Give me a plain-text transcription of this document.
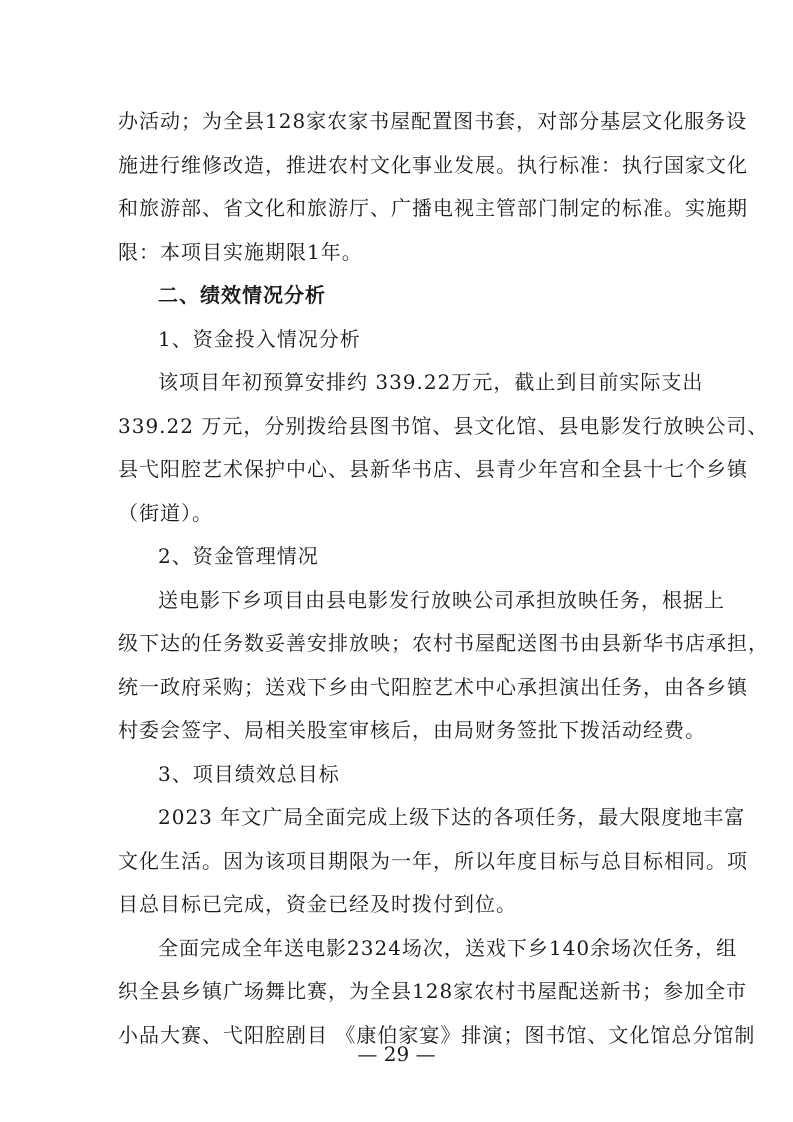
办活动；为全县128家农家书屋配置图书套，对部分基层文化服务设
施进行维修改造，推进农村文化事业发展。执行标准：执行国家文化
和旅游部、省文化和旅游厅、广播电视主管部门制定的标准。实施期
限：本项目实施期限1年。
二、绩效情况分析
1、资金投入情况分析
该项目年初预算安排约 339.22万元，截止到目前实际支出
339.22 万元，分别拨给县图书馆、县文化馆、县电影发行放映公司、
县弋阳腔艺术保护中心、县新华书店、县青少年宫和全县十七个乡镇
（街道）。
2、资金管理情况
送电影下乡项目由县电影发行放映公司承担放映任务，根据上
级下达的任务数妥善安排放映；农村书屋配送图书由县新华书店承担，
统一政府采购；送戏下乡由弋阳腔艺术中心承担演出任务，由各乡镇
村委会签字、局相关股室审核后，由局财务签批下拨活动经费。
3、项目绩效总目标
2023 年文广局全面完成上级下达的各项任务，最大限度地丰富
文化生活。因为该项目期限为一年，所以年度目标与总目标相同。项
目总目标已完成，资金已经及时拨付到位。
— 29 —
全面完成全年送电影2324场次，送戏下乡140余场次任务，组
织全县乡镇广场舞比赛，为全县128家农村书屋配送新书；参加全市
小品大赛、弋阳腔剧目 《康伯家宴》排演；图书馆、文化馆总分馆制
